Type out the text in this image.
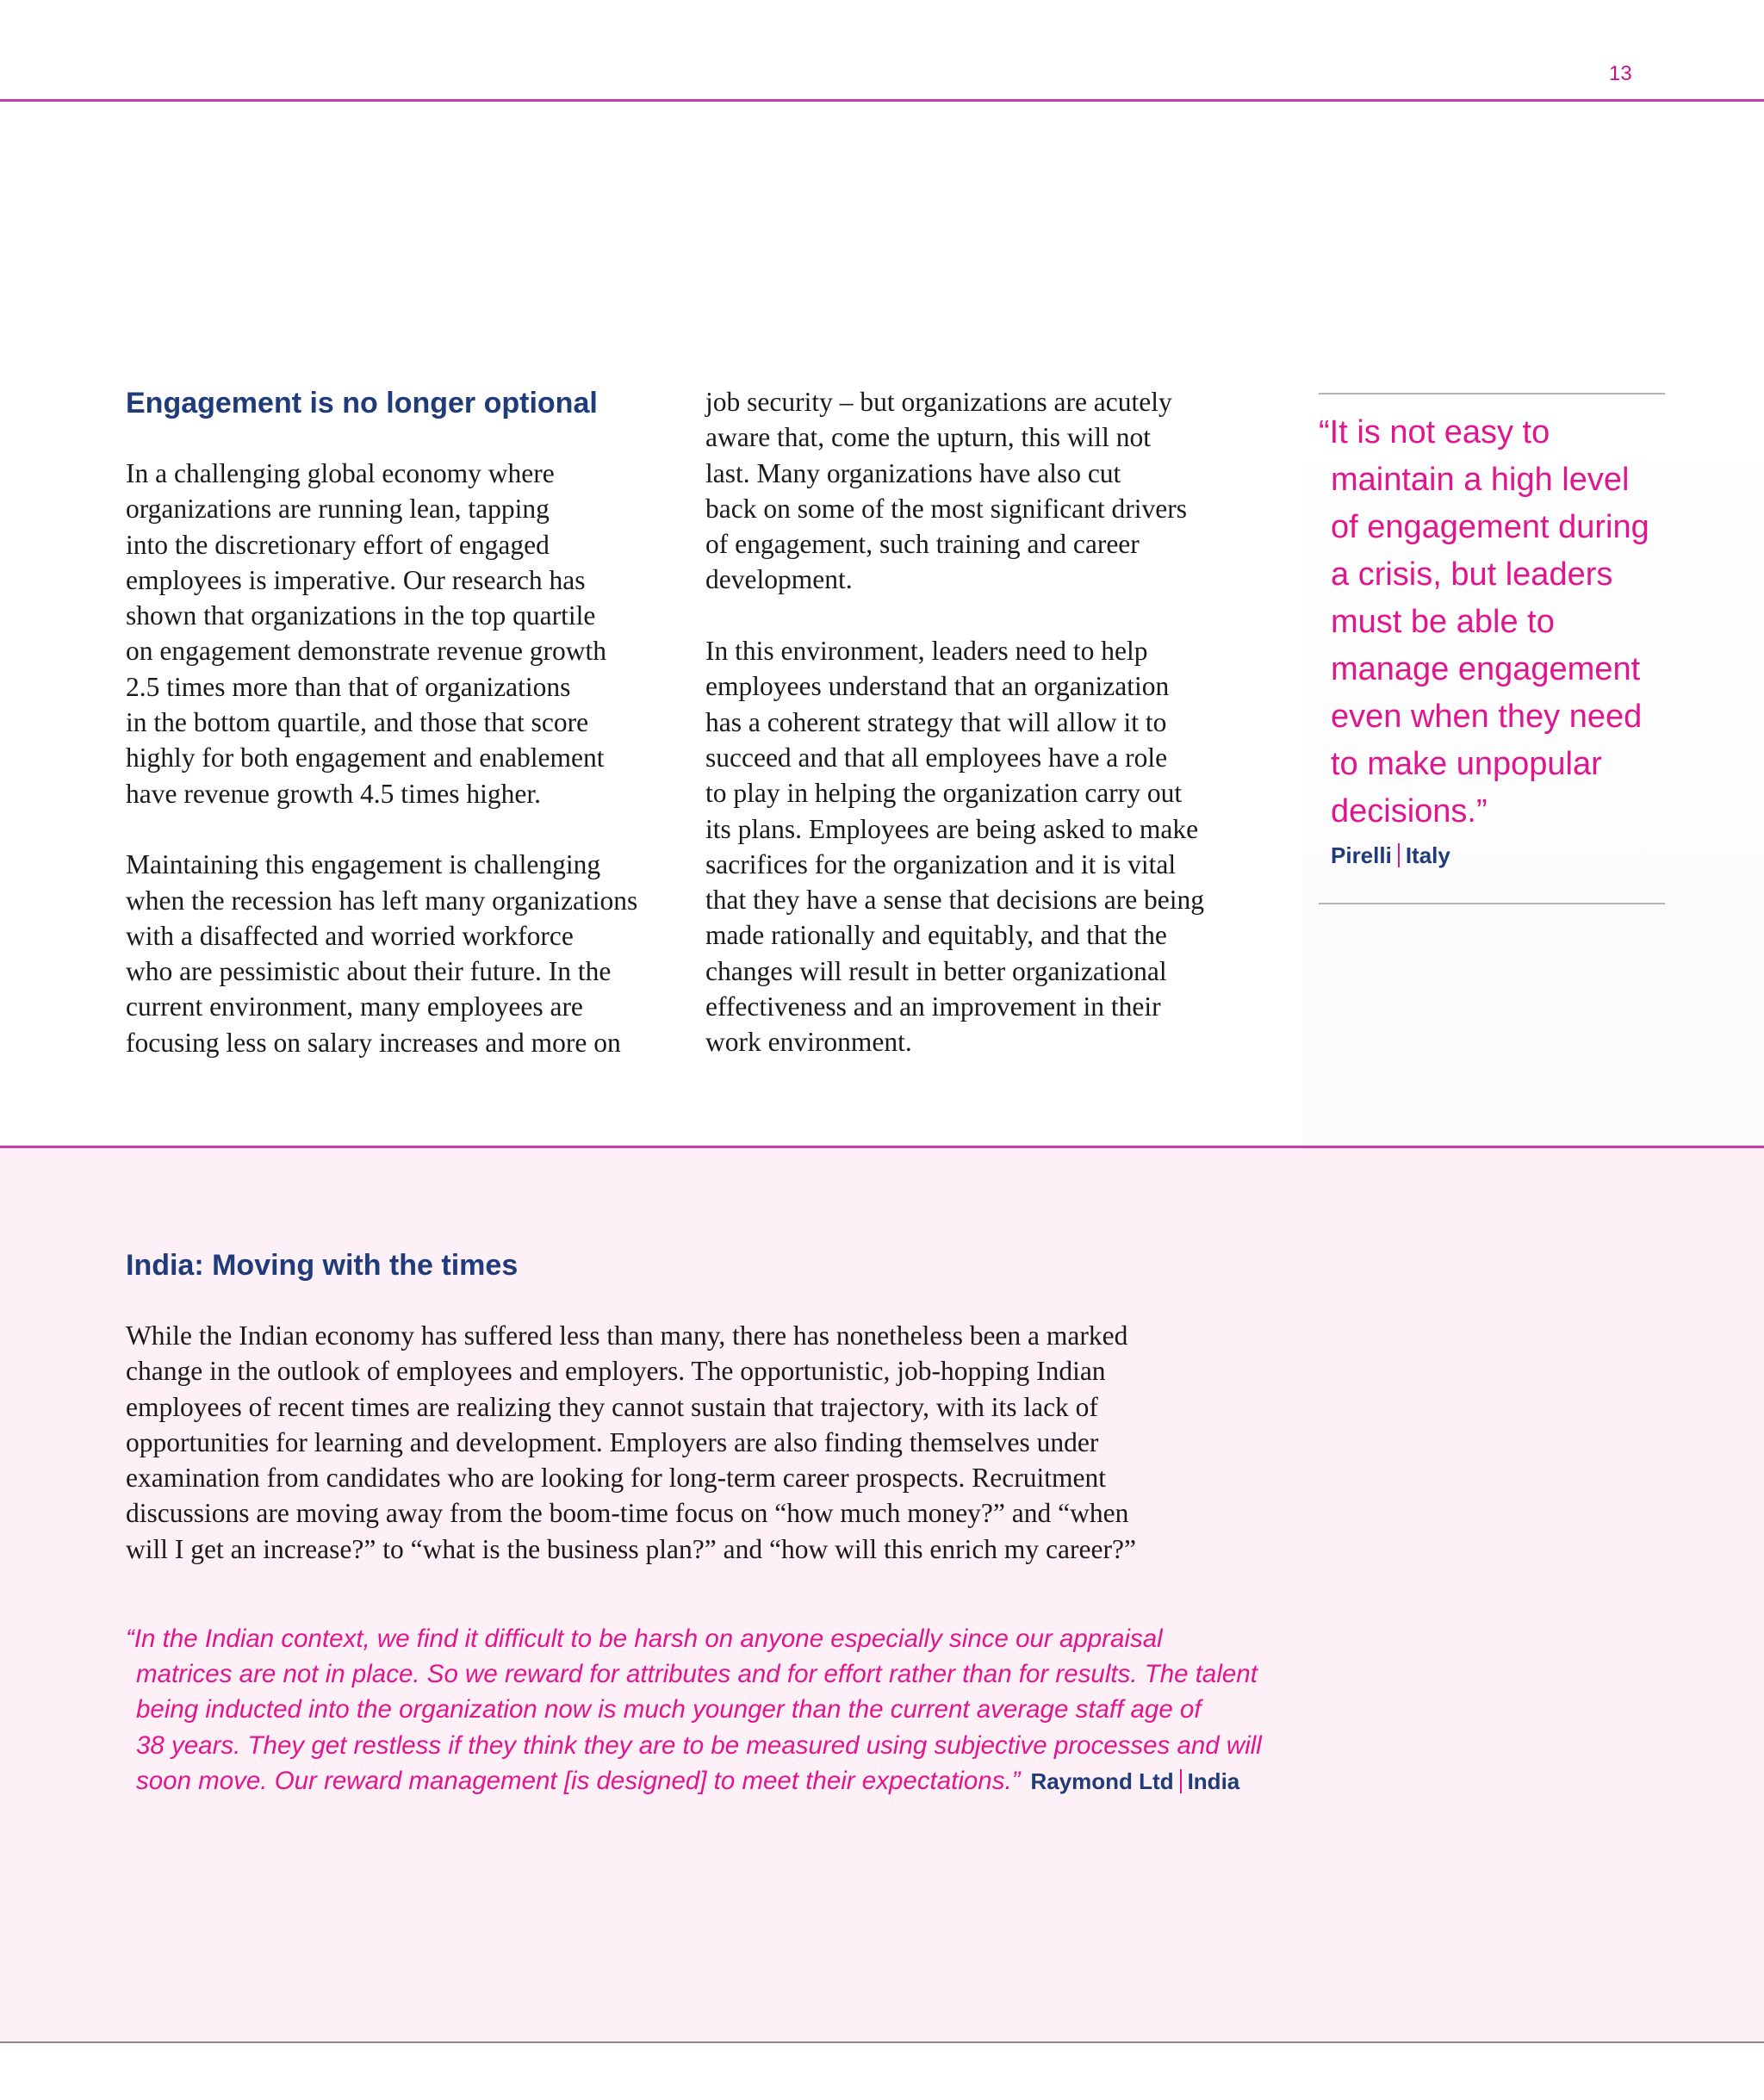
13
Engagement is no longer optional

In a challenging global economy where
organizations are running lean, tapping
into the discretionary effort of engaged
employees is imperative. Our research has
shown that organizations in the top quartile
on engagement demonstrate revenue growth
2.5 times more than that of organizations
in the bottom quartile, and those that score
highly for both engagement and enablement
have revenue growth 4.5 times higher.

Maintaining this engagement is challenging
when the recession has left many organizations
with a disaffected and worried workforce
who are pessimistic about their future. In the
current environment, many employees are
focusing less on salary increases and more on

job security – but organizations are acutely
aware that, come the upturn, this will not
last. Many organizations have also cut
back on some of the most significant drivers
of engagement, such training and career
development.

In this environment, leaders need to help
employees understand that an organization
has a coherent strategy that will allow it to
succeed and that all employees have a role
to play in helping the organization carry out
its plans. Employees are being asked to make
sacrifices for the organization and it is vital
that they have a sense that decisions are being
made rationally and equitably, and that the
changes will result in better organizational
effectiveness and an improvement in their
work environment.

“It is not easy to
maintain a high level
of engagement during
a crisis, but leaders
must be able to
manage engagement
even when they need
to make unpopular
decisions.”
Pirelli Italy
India: Moving with the times

While the Indian economy has suffered less than many, there has nonetheless been a marked
change in the outlook of employees and employers. The opportunistic, job-hopping Indian
employees of recent times are realizing they cannot sustain that trajectory, with its lack of
opportunities for learning and development. Employers are also finding themselves under
examination from candidates who are looking for long-term career prospects. Recruitment
discussions are moving away from the boom-time focus on “how much money?” and “when
will I get an increase?” to “what is the business plan?” and “how will this enrich my career?”

“In the Indian context, we find it difficult to be harsh on anyone especially since our appraisal
matrices are not in place. So we reward for attributes and for effort rather than for results. The talent
being inducted into the organization now is much younger than the current average staff age of
38 years. They get restless if they think they are to be measured using subjective processes and will
soon move. Our reward management [is designed] to meet their expectations.” Raymond Ltd India
